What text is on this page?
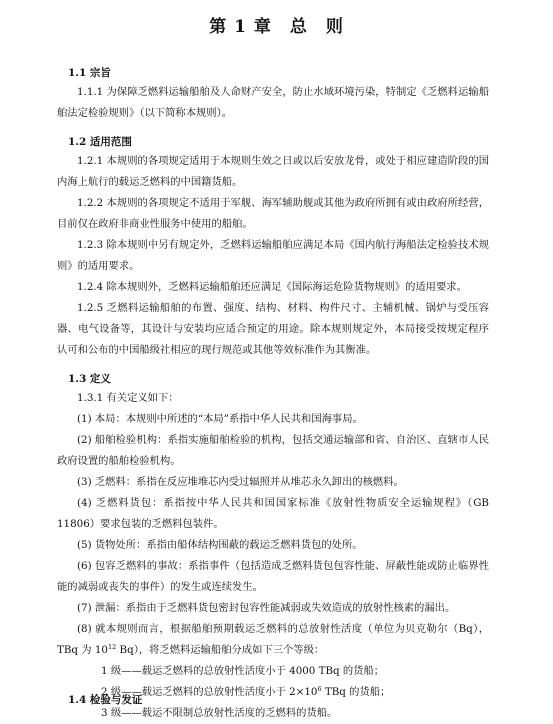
第 1 章　总　则
1.1 宗旨
1.1.1 为保障乏燃料运输船舶及人命财产安全，防止水域环境污染，特制定《乏燃料运输船舶法定检验规则》（以下简称本规则）。
1.2 适用范围
1.2.1 本规则的各项规定适用于本规则生效之日或以后安放龙骨，或处于相应建造阶段的国内海上航行的载运乏燃料的中国籍货船。
1.2.2 本规则的各项规定不适用于军舰、海军辅助舰或其他为政府所拥有或由政府所经营，目前仅在政府非商业性服务中使用的船舶。
1.2.3 除本规则中另有规定外，乏燃料运输船舶应满足本局《国内航行海船法定检验技术规则》的适用要求。
1.2.4 除本规则外，乏燃料运输船舶还应满足《国际海运危险货物规则》的适用要求。
1.2.5 乏燃料运输船舶的布置、强度、结构、材料、构件尺寸、主辅机械、锅炉与受压容器、电气设备等，其设计与安装均应适合预定的用途。除本规则规定外，本局接受按规定程序认可和公布的中国船级社相应的现行规范或其他等效标准作为其衡准。
1.3 定义
1.3.1 有关定义如下：
(1) 本局：本规则中所述的“本局”系指中华人民共和国海事局。
(2) 船舶检验机构：系指实施船舶检验的机构，包括交通运输部和省、自治区、直辖市人民政府设置的船舶检验机构。
(3) 乏燃料：系指在反应堆堆芯内受过辐照并从堆芯永久卸出的核燃料。
(4) 乏燃料货包：系指按中华人民共和国国家标准《放射性物质安全运输规程》（GB 11806）要求包装的乏燃料包装件。
(5) 货物处所：系指由船体结构围蔽的载运乏燃料货包的处所。
(6) 包容乏燃料的事故：系指事件（包括造成乏燃料货包包容性能、屏蔽性能或防止临界性能的减弱或丧失的事件）的发生或连续发生。
(7) 泄漏：系指由于乏燃料货包密封包容性能减弱或失效造成的放射性核素的漏出。
(8) 就本规则而言，根据船舶预期载运乏燃料的总放射性活度（单位为贝克勒尔（Bq），TBq 为 $10^{12}$ Bq），将乏燃料运输船舶分成如下三个等级：
1 级——载运乏燃料的总放射性活度小于 4000 TBq 的货船；
2 级——载运乏燃料的总放射性活度小于 $2\times 10^6$ TBq 的货船；
3 级——载运不限制总放射性活度的乏燃料的货船。
1.4 检验与发证
